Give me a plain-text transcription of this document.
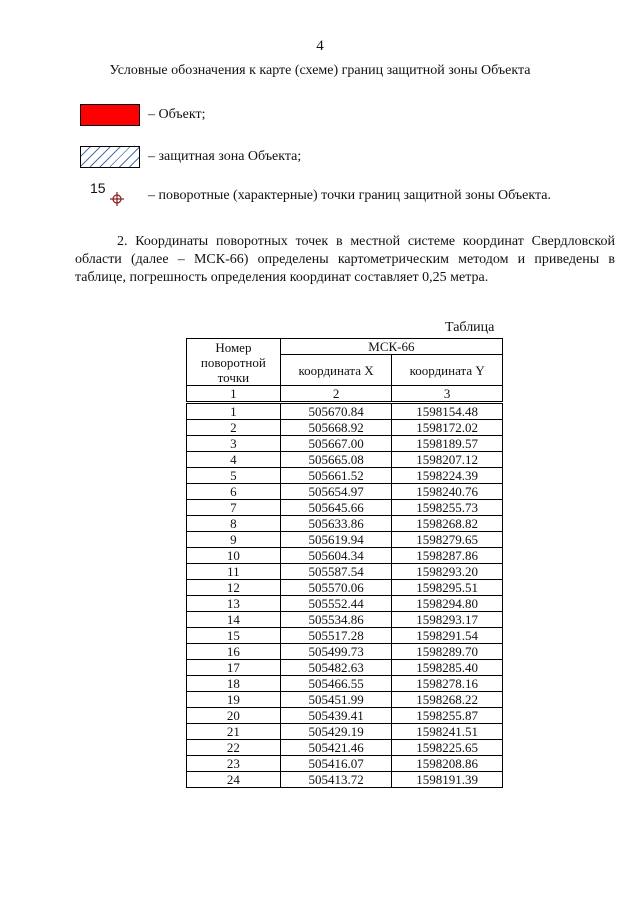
4
Условные обозначения к карте (схеме) границ защитной зоны Объекта
– Объект;
– защитная зона Объекта;
15	– поворотные (характерные) точки границ защитной зоны Объекта.

2. Координаты поворотных точек в местной системе координат Свердловской области (далее – МСК-66) определены картометрическим методом и приведены в таблице, погрешность определения координат составляет 0,25 метра.

Таблица
Номер поворотной точки	МСК-66	
	координата X	координата Y
1	2	3
1	505670.84	1598154.48
2	505668.92	1598172.02
3	505667.00	1598189.57
4	505665.08	1598207.12
5	505661.52	1598224.39
6	505654.97	1598240.76
7	505645.66	1598255.73
8	505633.86	1598268.82
9	505619.94	1598279.65
10	505604.34	1598287.86
11	505587.54	1598293.20
12	505570.06	1598295.51
13	505552.44	1598294.80
14	505534.86	1598293.17
15	505517.28	1598291.54
16	505499.73	1598289.70
17	505482.63	1598285.40
18	505466.55	1598278.16
19	505451.99	1598268.22
20	505439.41	1598255.87
21	505429.19	1598241.51
22	505421.46	1598225.65
23	505416.07	1598208.86
24	505413.72	1598191.39
